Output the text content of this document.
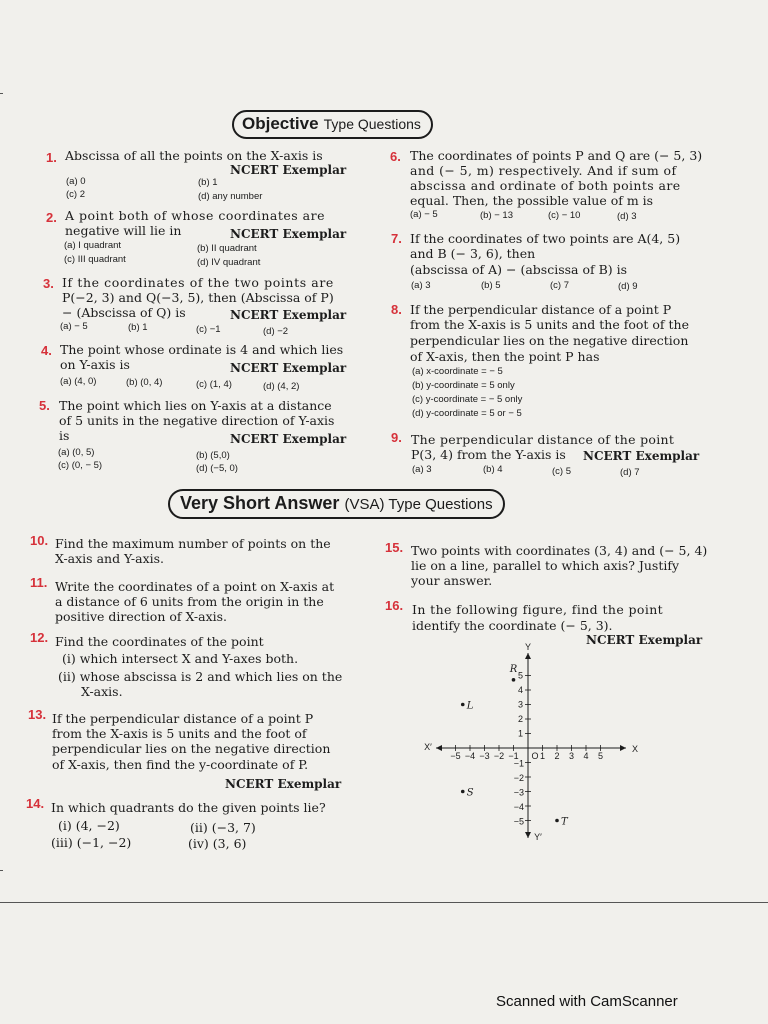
Objective Type Questions
1. Abscissa of all the points on the X-axis is
NCERT Exemplar
(a) 0	(b) 1
(c) 2	(d) any number
2. A point both of whose coordinates are
negative will lie in	NCERT Exemplar
(a) I quadrant	(b) II quadrant
(c) III quadrant	(d) IV quadrant
3. If the coordinates of the two points are
P(−2, 3) and Q(−3, 5), then (Abscissa of P)
− (Abscissa of Q) is	NCERT Exemplar
(a) − 5	(b) 1	(c) −1	(d) −2
4. The point whose ordinate is 4 and which lies
on Y-axis is	NCERT Exemplar
(a) (4, 0)	(b) (0, 4)	(c) (1, 4)	(d) (4, 2)
5. The point which lies on Y-axis at a distance
of 5 units in the negative direction of Y-axis
is	NCERT Exemplar
(a) (0, 5)	(b) (5,0)
(c) (0, − 5)	(d) (−5, 0)
6. The coordinates of points P and Q are (− 5, 3)
and (− 5, m) respectively. And if sum of
abscissa and ordinate of both points are
equal. Then, the possible value of m is
(a) − 5	(b) − 13	(c) − 10	(d) 3
7. If the coordinates of two points are A(4, 5)
and B (− 3, 6), then
(abscissa of A) − (abscissa of B) is
(a) 3	(b) 5	(c) 7	(d) 9
8. If the perpendicular distance of a point P
from the X-axis is 5 units and the foot of the
perpendicular lies on the negative direction
of X-axis, then the point P has
(a) x-coordinate = − 5
(b) y-coordinate = 5 only
(c) y-coordinate = − 5 only
(d) y-coordinate = 5 or − 5
9. The perpendicular distance of the point
P(3, 4) from the Y-axis is NCERT Exemplar
(a) 3	(b) 4	(c) 5	(d) 7
Very Short Answer (VSA) Type Questions
10. Find the maximum number of points on the
X-axis and Y-axis.
11. Write the coordinates of a point on X-axis at
a distance of 6 units from the origin in the
positive direction of X-axis.
12. Find the coordinates of the point
(i) which intersect X and Y-axes both.
(ii) whose abscissa is 2 and which lies on the
X-axis.
13. If the perpendicular distance of a point P
from the X-axis is 5 units and the foot of
perpendicular lies on the negative direction
of X-axis, then find the y-coordinate of P.
NCERT Exemplar
14. In which quadrants do the given points lie?
(i) (4, −2)	(ii) (−3, 7)
(iii) (−1, −2)	(iv) (3, 6)
15. Two points with coordinates (3, 4) and (− 5, 4)
lie on a line, parallel to which axis? Justify
your answer.
16. In the following figure, find the point
identify the coordinate (− 5, 3).
NCERT Exemplar
X
X′
Y
Y′
O
−5 −4 −3 −2 −1 1 2 3 4 5
5
4
3
2
1
−1
−2
−3
−4
−5
R
L
S
T
Scanned with CamScanner
